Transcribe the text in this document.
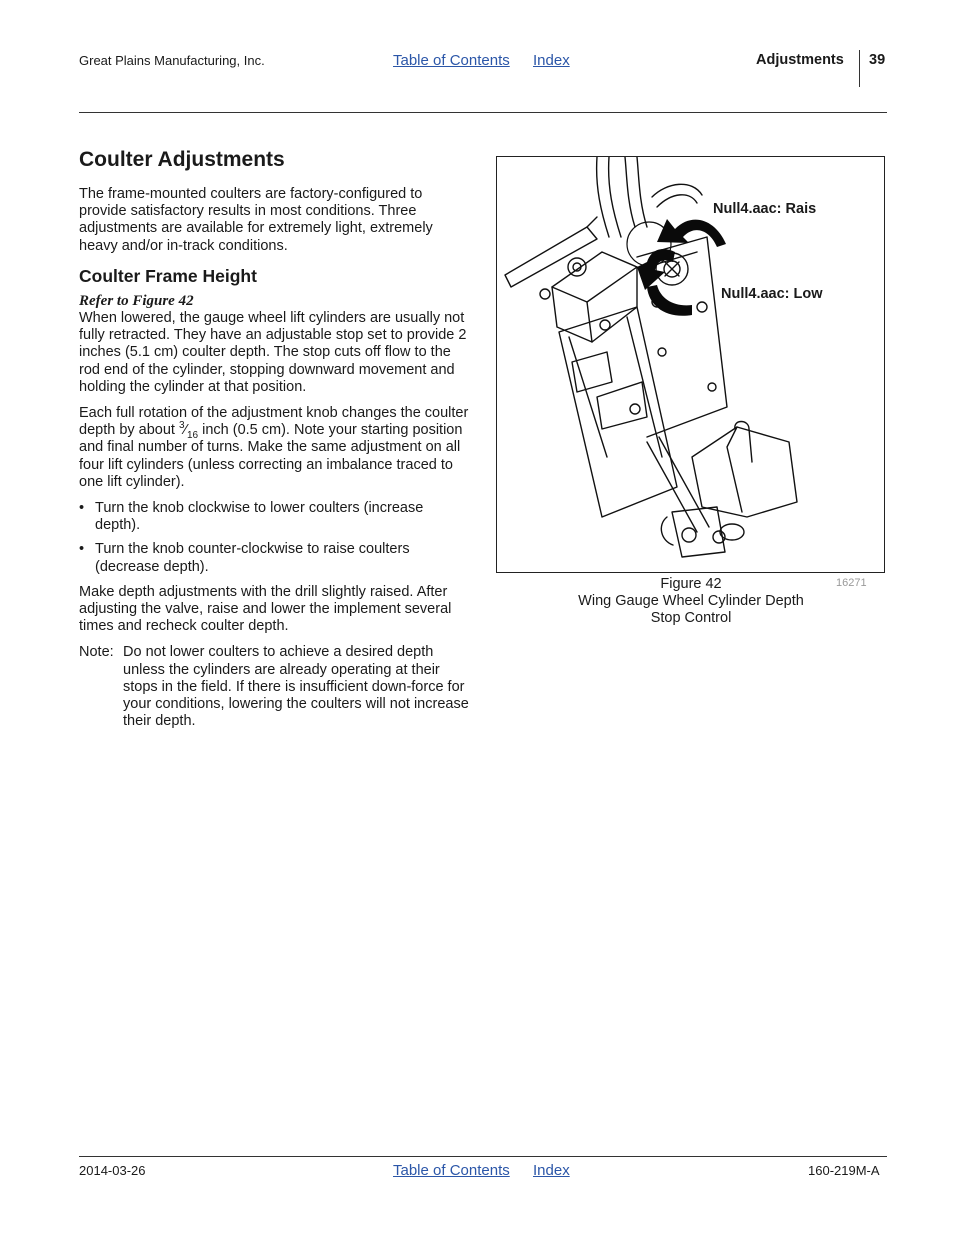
Great Plains Manufacturing, Inc.	Table of Contents Index	Adjustments 39
Coulter Adjustments

The frame-mounted coulters are factory-configured to provide satisfactory results in most conditions. Three adjustments are available for extremely light, extremely heavy and/or in-track conditions.

Coulter Frame Height

Refer to Figure 42

When lowered, the gauge wheel lift cylinders are usually not fully retracted. They have an adjustable stop set to provide 2 inches (5.1 cm) coulter depth. The stop cuts off flow to the rod end of the cylinder, stopping downward movement and holding the cylinder at that position.

Each full rotation of the adjustment knob changes the coulter depth by about $^3⁄_{16}$ inch (0.5 cm). Note your starting position and final number of turns. Make the same adjustment on all four lift cylinders (unless correcting an imbalance traced to one lift cylinder).

• Turn the knob clockwise to lower coulters (increase depth).
• Turn the knob counter-clockwise to raise coulters (decrease depth).

Make depth adjustments with the drill slightly raised. After adjusting the valve, raise and lower the implement several times and recheck coulter depth.

Note: Do not lower coulters to achieve a desired depth unless the cylinders are already operating at their stops in the field. If there is insufficient down-force for your conditions, lowering the coulters will not increase their depth.
Null4.aac: Rais
Null4.aac: Low
Figure 42
Wing Gauge Wheel Cylinder Depth
Stop Control
16271
2014-03-26	Table of Contents Index	160-219M-A
